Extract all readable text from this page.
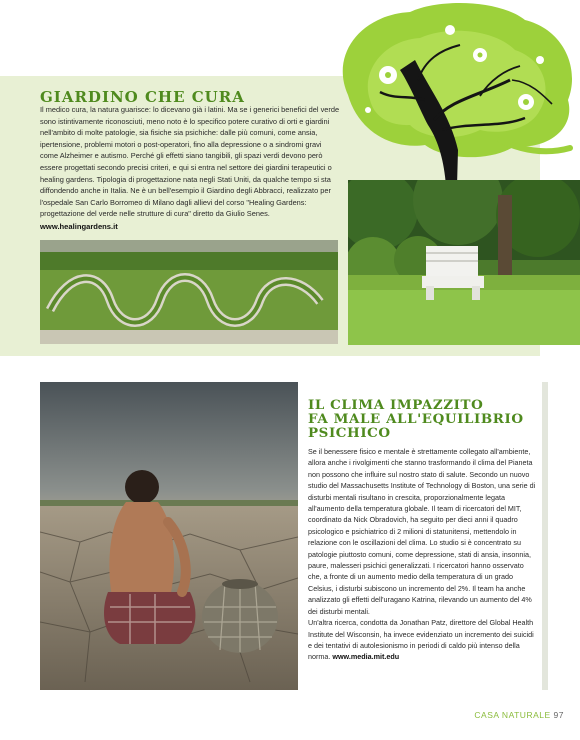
GIARDINO CHE CURA
Il medico cura, la natura guarisce: lo dicevano già i latini. Ma se i generici benefici del verde sono istintivamente riconosciuti, meno noto è lo specifico potere curativo di orti e giardini nell'ambito di molte patologie, sia fisiche sia psichiche: dalle più comuni, come ansia, ipertensione, problemi motori o post-operatori, fino alla depressione o a sindromi gravi come Alzheimer e autismo. Perché gli effetti siano tangibili, gli spazi verdi devono però essere progettati secondo precisi criteri, e qui si entra nel settore dei giardini terapeutici o healing gardens. Tipologia di progettazione nata negli Stati Uniti, da qualche tempo si sta diffondendo anche in Italia. Ne è un bell'esempio il Giardino degli Abbracci, realizzato per l'ospedale San Carlo Borromeo di Milano dagli allievi del corso "Healing Gardens: progettazione del verde nelle strutture di cura" diretto da Giulio Senes.
www.healingardens.it
IL CLIMA IMPAZZITO
FA MALE ALL'EQUILIBRIO
PSICHICO
Se il benessere fisico e mentale è strettamente collegato all'ambiente, allora anche i rivolgimenti che stanno trasformando il clima del Pianeta non possono che influire sul nostro stato di salute. Secondo un nuovo studio del Massachusetts Institute of Technology di Boston, una serie di disturbi mentali risultano in crescita, proporzionalmente legata all'aumento della temperatura globale. Il team di ricercatori del MIT, coordinato da Nick Obradovich, ha seguito per dieci anni il quadro psicologico e psichiatrico di 2 milioni di statunitensi, mettendolo in relazione con le oscillazioni del clima. Lo studio si è concentrato su patologie piuttosto comuni, come depressione, stati di ansia, insonnia, paure, malesseri psichici generalizzati. I ricercatori hanno osservato che, a fronte di un aumento medio della temperatura di un grado Celsius, i disturbi subiscono un incremento del 2%. Il team ha anche analizzato gli effetti dell'uragano Katrina, rilevando un aumento del 4% dei disturbi mentali.
Un'altra ricerca, condotta da Jonathan Patz, direttore del Global Health Institute del Wisconsin, ha invece evidenziato un incremento dei suicidi e dei tentativi di autolesionismo in periodi di caldo più intenso della norma. www.media.mit.edu
CASA NATURALE 97
